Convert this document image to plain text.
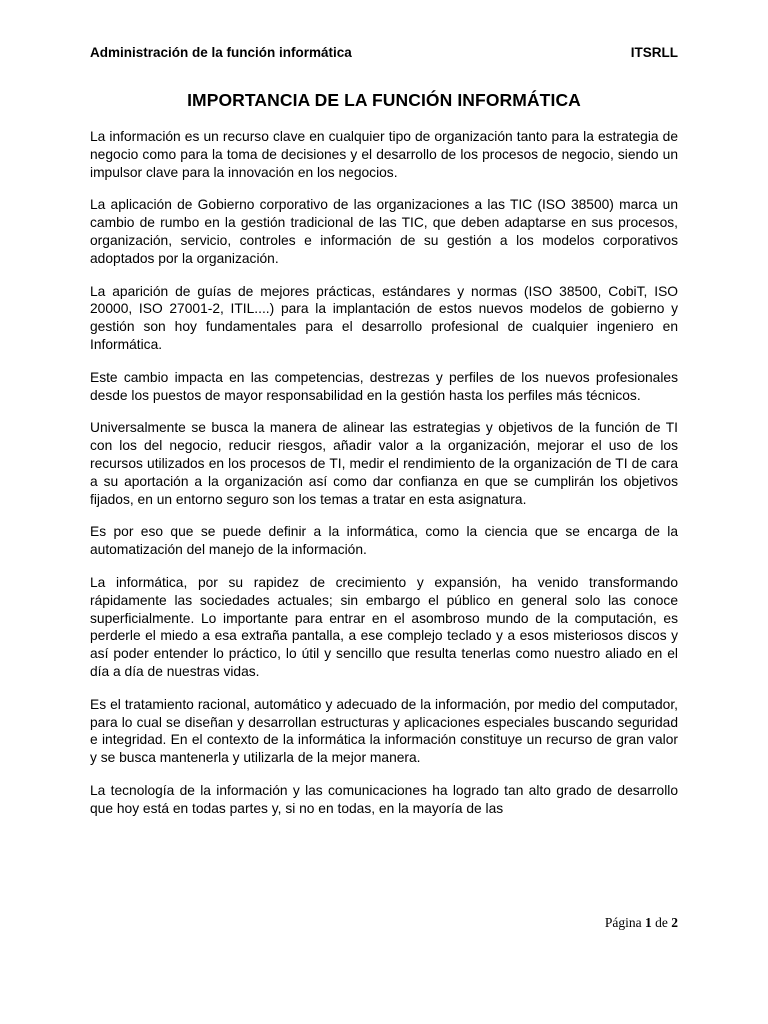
Administración de la función informática	ITSRLL
IMPORTANCIA DE LA FUNCIÓN INFORMÁTICA

La información es un recurso clave en cualquier tipo de organización tanto para la estrategia de negocio como para la toma de decisiones y el desarrollo de los procesos de negocio, siendo un impulsor clave para la innovación en los negocios.

La aplicación de Gobierno corporativo de las organizaciones a las TIC (ISO 38500) marca un cambio de rumbo en la gestión tradicional de las TIC, que deben adaptarse en sus procesos, organización, servicio, controles e información de su gestión a los modelos corporativos adoptados por la organización.

La aparición de guías de mejores prácticas, estándares y normas (ISO 38500, CobiT, ISO 20000, ISO 27001-2, ITIL....) para la implantación de estos nuevos modelos de gobierno y gestión son hoy fundamentales para el desarrollo profesional de cualquier ingeniero en Informática.

Este cambio impacta en las competencias, destrezas y perfiles de los nuevos profesionales desde los puestos de mayor responsabilidad en la gestión hasta los perfiles más técnicos.

Universalmente se busca la manera de alinear las estrategias y objetivos de la función de TI con los del negocio, reducir riesgos, añadir valor a la organización, mejorar el uso de los recursos utilizados en los procesos de TI, medir el rendimiento de la organización de TI de cara a su aportación a la organización así como dar confianza en que se cumplirán los objetivos fijados, en un entorno seguro son los temas a tratar en esta asignatura.

Es por eso que se puede definir a la informática, como la ciencia que se encarga de la automatización del manejo de la información.

La informática, por su rapidez de crecimiento y expansión, ha venido transformando rápidamente las sociedades actuales; sin embargo el público en general solo las conoce superficialmente. Lo importante para entrar en el asombroso mundo de la computación, es perderle el miedo a esa extraña pantalla, a ese complejo teclado y a esos misteriosos discos y así poder entender lo práctico, lo útil y sencillo que resulta tenerlas como nuestro aliado en el día a día de nuestras vidas.

Es el tratamiento racional, automático y adecuado de la información, por medio del computador, para lo cual se diseñan y desarrollan estructuras y aplicaciones especiales buscando seguridad e integridad. En el contexto de la informática la información constituye un recurso de gran valor y se busca mantenerla y utilizarla de la mejor manera.

La tecnología de la información y las comunicaciones ha logrado tan alto grado de desarrollo que hoy está en todas partes y, si no en todas, en la mayoría de las

Página 1 de 2
